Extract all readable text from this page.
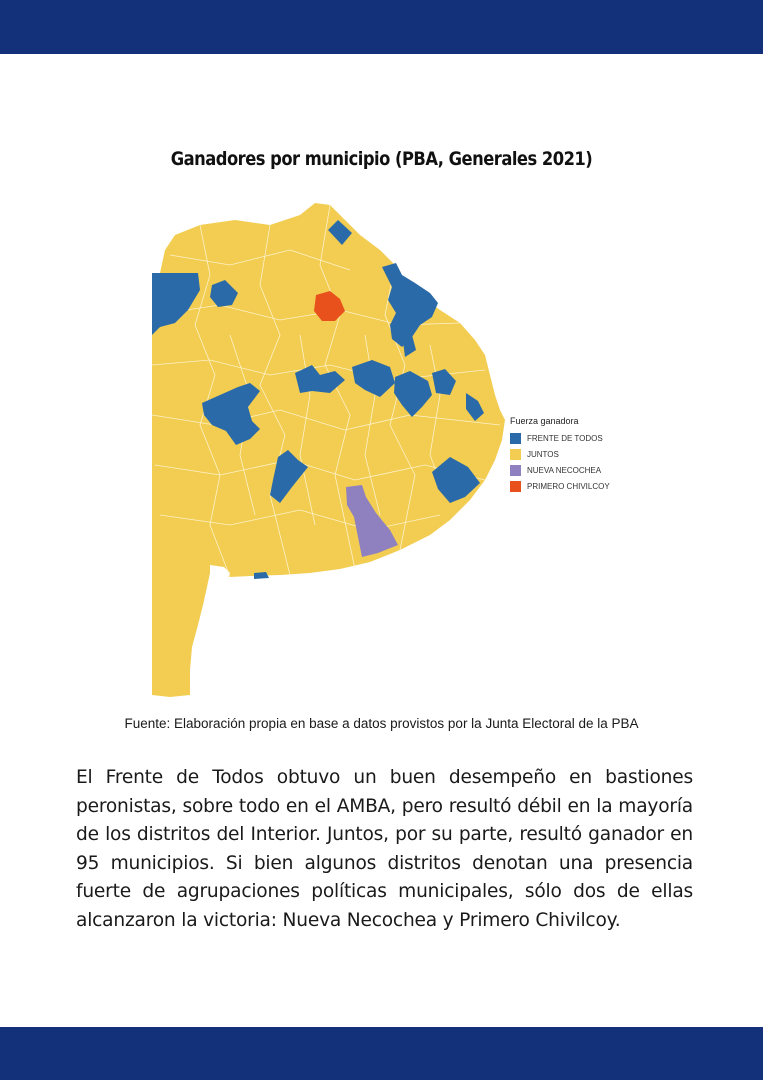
Ganadores por municipio (PBA, Generales 2021)
Fuerza ganadora
FRENTE DE TODOS
JUNTOS
NUEVA NECOCHEA
PRIMERO CHIVILCOY
Fuente: Elaboración propia en base a datos provistos por la Junta Electoral de la PBA
El Frente de Todos obtuvo un buen desempeño en bastiones peronistas, sobre todo en el AMBA, pero resultó débil en la mayoría de los distritos del Interior. Juntos, por su parte, resultó ganador en 95 municipios. Si bien algunos distritos denotan una presencia fuerte de agrupaciones políticas municipales, sólo dos de ellas alcanzaron la victoria: Nueva Necochea y Primero Chivilcoy.
